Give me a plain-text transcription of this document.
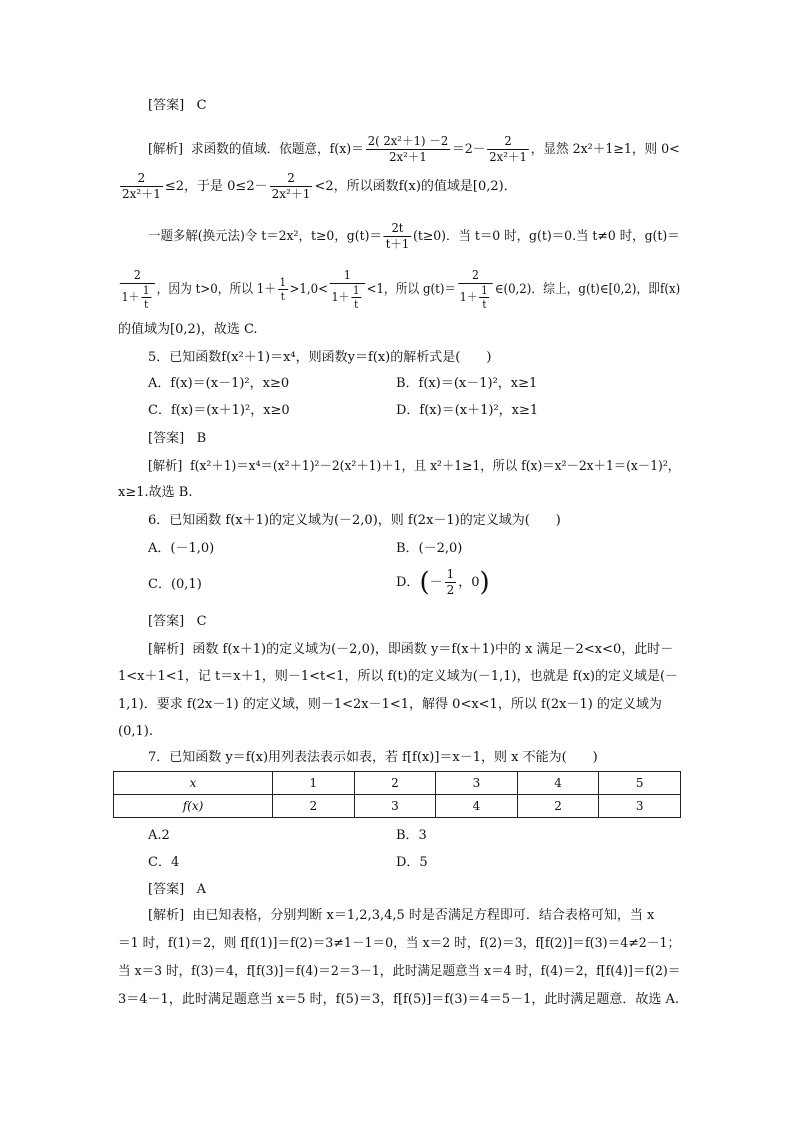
[答案] C
[解析] 求函数的值域．依题意，$f(x)= \frac{\text{2( 2x²＋1) －2}}{\text{2x²＋1}} =2- \frac{2}{\text{2x²＋1}}$ ，显然 2x²＋1≥1，则 0<
$\frac{2}{\text{2x²＋1}} \le 2$，于是 $0\le 2- \frac{2}{\text{2x²＋1}} <2$，所以函数f(x)的值域是[0,2)．
一题多解(换元法)令 t＝2x²，t≥0，$g(t)= \frac{2t}{t+1} (t\ge 0)$．当 t＝0 时，g(t)＝0.当 t≠0 时，g(t)＝
$\frac{2}{1+ \frac{1}{t}}$ ，因为 t>0，所以 $1+ \frac{1}{t} >1,0< \frac{1}{1+ \frac{1}{t}} <1$，所以 $g(t)= \frac{2}{1+ \frac{1}{t}}$ ∈(0,2)．综上，g(t)∈[0,2)，即f(x)
的值域为[0,2)，故选 C.
5．已知函数f(x²＋1)＝x⁴，则函数y＝f(x)的解析式是(　　)
A．f(x)＝(x－1)²，x≥0	B．f(x)＝(x－1)²，x≥1
C．f(x)＝(x＋1)²，x≥0	D．f(x)＝(x＋1)²，x≥1
[答案] B
[解析] f(x²＋1)＝x⁴＝(x²＋1)²－2(x²＋1)＋1，且 x²＋1≥1，所以 f(x)＝x²－2x＋1＝(x－1)²，
x≥1.故选 B.
6．已知函数 f(x＋1)的定义域为(－2,0)，则 f(2x－1)的定义域为(　　)
A．(－1,0)	B．(－2,0)
C．(0,1)	D．(－ $\frac{1}{2}$ ，0)
[答案] C
[解析] 函数 f(x＋1)的定义域为(－2,0)，即函数 y＝f(x＋1)中的 x 满足－2<x<0，此时－
1<x＋1<1，记 t＝x＋1，则－1<t<1，所以 f(t)的定义域为(－1,1)，也就是 f(x)的定义域是(－
1,1)．要求 f(2x－1) 的定义域，则－1<2x－1<1，解得 0<x<1，所以 f(2x－1) 的定义域为
(0,1).
7．已知函数 y＝f(x)用列表法表示如表，若 f[f(x)]＝x－1，则 x 不能为(　　)
x	1	2	3	4	5
f(x)	2	3	4	2	3
A.2	B．3
C．4	D．5
[答案] A
[解析] 由已知表格，分别判断 x＝1,2,3,4,5 时是否满足方程即可．结合表格可知，当 x
＝1 时，f(1)＝2，则 f[f(1)]＝f(2)＝3≠1－1＝0，当 x＝2 时，f(2)＝3，f[f(2)]＝f(3)＝4≠2－1；
当 x＝3 时，f(3)＝4，f[f(3)]＝f(4)＝2＝3－1，此时满足题意当 x＝4 时，f(4)＝2，f[f(4)]＝f(2)＝
3＝4－1，此时满足题意当 x＝5 时，f(5)＝3，f[f(5)]＝f(3)＝4＝5－1，此时满足题意．故选 A.
